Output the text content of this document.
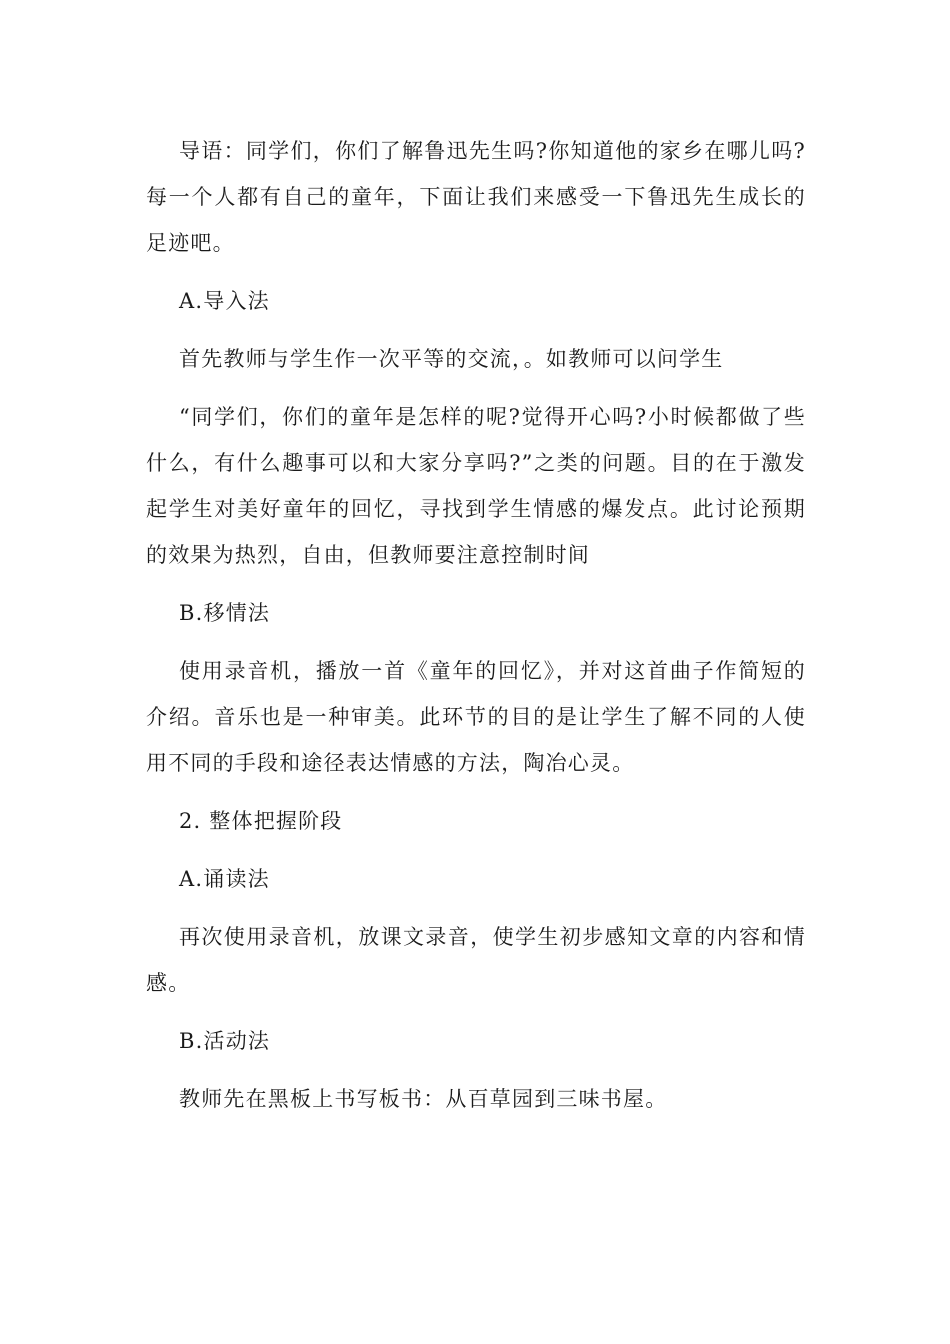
导语：同学们，你们了解鲁迅先生吗?你知道他的家乡在哪儿吗?每一个人都有自己的童年，下面让我们来感受一下鲁迅先生成长的足迹吧。

A.导入法

首先教师与学生作一次平等的交流，。如教师可以问学生

“同学们，你们的童年是怎样的呢?觉得开心吗?小时候都做了些什么，有什么趣事可以和大家分享吗?”之类的问题。目的在于激发起学生对美好童年的回忆，寻找到学生情感的爆发点。此讨论预期的效果为热烈，自由，但教师要注意控制时间

B.移情法

使用录音机，播放一首《童年的回忆》，并对这首曲子作简短的介绍。音乐也是一种审美。此环节的目的是让学生了解不同的人使用不同的手段和途径表达情感的方法，陶冶心灵。

2. 整体把握阶段

A.诵读法

再次使用录音机，放课文录音，使学生初步感知文章的内容和情感。

B.活动法

教师先在黑板上书写板书：从百草园到三味书屋。
